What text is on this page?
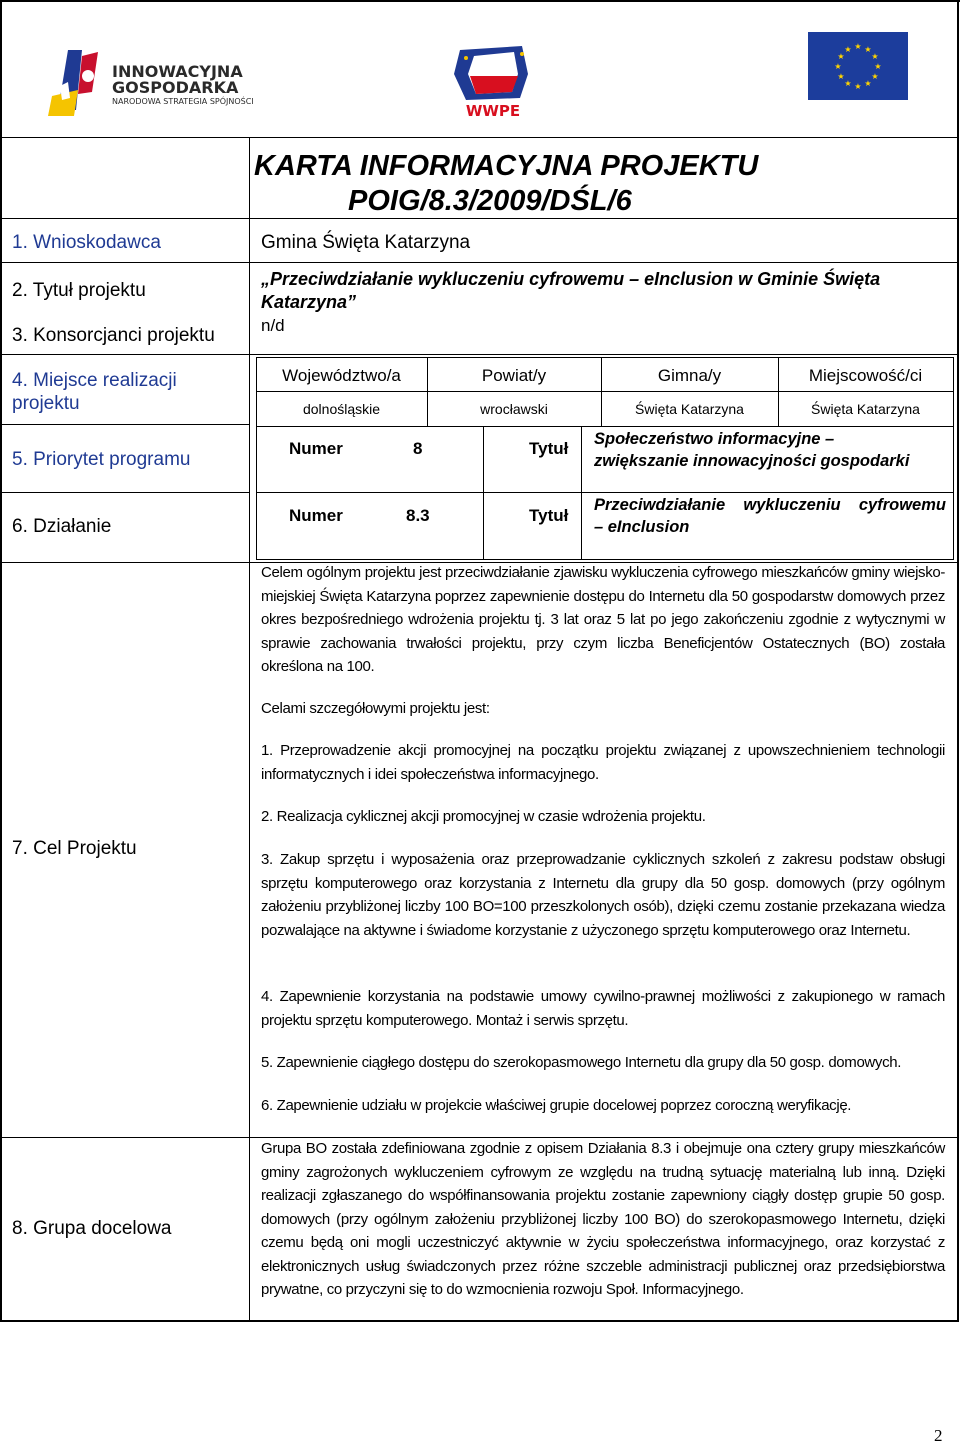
INNOWACYJNA
GOSPODARKA
NARODOWA STRATEGIA SPÓJNOŚCI
WWPE
★ ★
★
★
★
★
★
★
★
★
★
★
KARTA INFORMACYJNA PROJEKTU
POIG/8.3/2009/DŚL/6
1. Wnioskodawca	Gmina Święta Katarzyna
2. Tytuł projektu
„Przeciwdziałanie wykluczeniu cyfrowemu – eInclusion w Gminie Święta
Katarzyna”
3. Konsorcjanci projektu	n/d
4. Miejsce realizacji
projektu
Województwo/a	Powiat/y	Gimna/y	Miejscowość/ci
dolnośląskie	wrocławski	Święta Katarzyna	Święta Katarzyna
5. Priorytet programu
Numer	8	Tytuł Społeczeństwo informacyjne –
zwiększanie innowacyjności gospodarki
6. Działanie
Numer	8.3	Tytuł
Przeciwdziałanie wykluczeniu cyfrowemu
– eInclusion
7. Cel Projektu
Celem ogólnym projektu jest przeciwdziałanie zjawisku wykluczenia cyfrowego mieszkańców gminy wiejsko-miejskiej Święta Katarzyna poprzez zapewnienie dostępu do Internetu dla 50 gospodarstw domowych przez okres bezpośredniego wdrożenia projektu tj. 3 lat oraz 5 lat po jego zakończeniu zgodnie z wytycznymi w sprawie zachowania trwałości projektu, przy czym liczba Beneficjentów Ostatecznych (BO) została określona na 100.
Celami szczegółowymi projektu jest:
1. Przeprowadzenie akcji promocyjnej na początku projektu związanej z upowszechnieniem technologii informatycznych i idei społeczeństwa informacyjnego.
2. Realizacja cyklicznej akcji promocyjnej w czasie wdrożenia projektu.
3. Zakup sprzętu i wyposażenia oraz przeprowadzanie cyklicznych szkoleń z zakresu podstaw obsługi sprzętu komputerowego oraz korzystania z Internetu dla grupy dla 50 gosp. domowych (przy ogólnym założeniu przybliżonej liczby 100 BO=100 przeszkolonych osób), dzięki czemu zostanie przekazana wiedza pozwalające na aktywne i świadome korzystanie z użyczonego sprzętu komputerowego oraz Internetu.
4. Zapewnienie korzystania na podstawie umowy cywilno-prawnej możliwości z zakupionego w ramach projektu sprzętu komputerowego. Montaż i serwis sprzętu.
5. Zapewnienie ciągłego dostępu do szerokopasmowego Internetu dla grupy dla 50 gosp. domowych.
6. Zapewnienie udziału w projekcie właściwej grupie docelowej poprzez coroczną weryfikację.
8. Grupa docelowa
Grupa BO została zdefiniowana zgodnie z opisem Działania 8.3 i obejmuje ona cztery grupy mieszkańców gminy zagrożonych wykluczeniem cyfrowym ze względu na trudną sytuację materialną lub inną. Dzięki realizacji zgłaszanego do współfinansowania projektu zostanie zapewniony ciągły dostęp grupie 50 gosp. domowych (przy ogólnym założeniu przybliżonej liczby 100 BO) do szerokopasmowego Internetu, dzięki czemu będą oni mogli uczestniczyć aktywnie w życiu społeczeństwa informacyjnego, oraz korzystać z elektronicznych usług świadczonych przez różne szczeble administracji publicznej oraz przedsiębiorstwa prywatne, co przyczyni się to do wzmocnienia rozwoju Społ. Informacyjnego.
2
